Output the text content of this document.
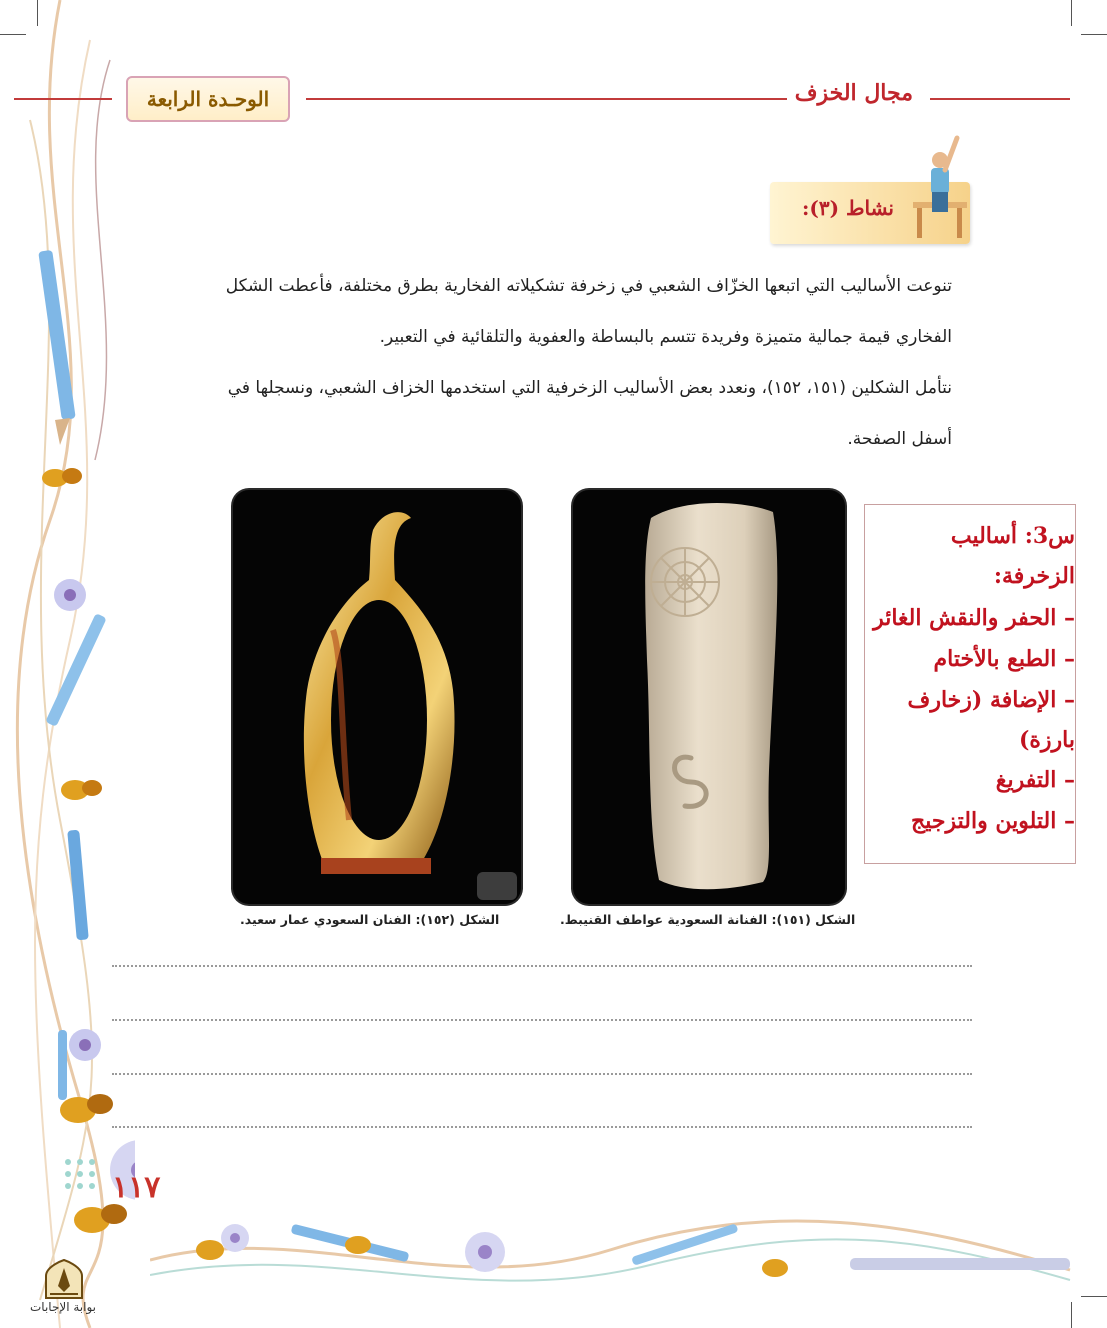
الوحـدة الرابعة	مجال الخزف
نشاط (٣):
تنوعت الأساليب التي اتبعها الخزّاف الشعبي في زخرفة تشكيلاته الفخارية بطرق مختلفة، فأعطت الشكل
الفخاري قيمة جمالية متميزة وفريدة تتسم بالبساطة والعفوية والتلقائية في التعبير.
نتأمل الشكلين (١٥١، ١٥٢)، ونعدد بعض الأساليب الزخرفية التي استخدمها الخزاف الشعبي، ونسجلها في
أسفل الصفحة.
الشكل (١٥١): الفنانة السعودية عواطف القنيبط.
الشكل (١٥٢): الفنان السعودي عمار سعيد.
س3: أساليب
الزخرفة:
– الحفر والنقش الغائر
– الطبع بالأختام
– الإضافة (زخارف
بارزة)
– التفريغ
– التلوين والتزجيج
١١٧
بوابة الإجابات
